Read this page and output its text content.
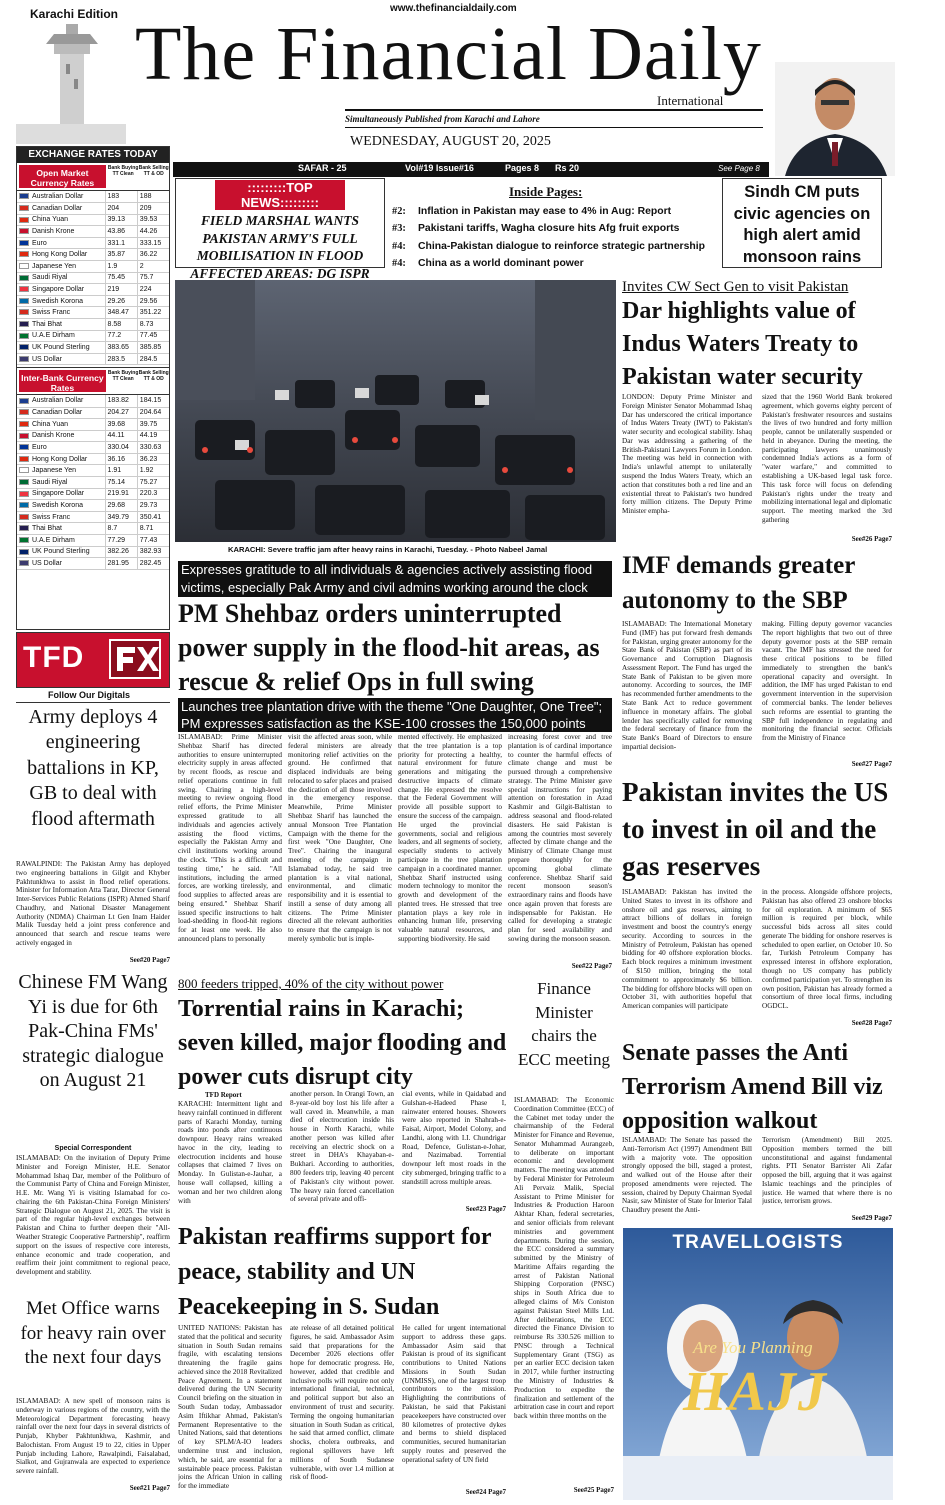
Karachi Edition	www.thefinancialdaily.com
The Financial Daily
International
Simultaneously Published from Karachi and Lahore
WEDNESDAY, AUGUST 20, 2025
SAFAR - 25	Vol#19 Issue#16	Pages 8 Rs 20	See Page 8
EXCHANGE RATES TODAY
Open Market Currency Rates
Bank Buying TT Clean
Bank Selling TT & OD
Australian Dollar	183	188
Canadian Dollar	204	209
China Yuan	39.13	39.53
Danish Krone	43.86	44.26
Euro	331.1	333.15
Hong Kong Dollar	35.87	36.22
Japanese Yen	1.9	2
Saudi Riyal	75.45	75.7
Singapore Dollar	219	224
Swedish Korona	29.26	29.56
Swiss Franc	348.47	351.22
Thai Bhat	8.58	8.73
U.A.E Dirham	77.2	77.45
UK Pound Sterling	383.65	385.85
US Dollar	283.5	284.5
Inter-Bank Currency Rates
Bank Buying TT Clean
Bank Selling TT & OD
Australian Dollar	183.82	184.15
Canadian Dollar	204.27	204.64
China Yuan	39.68	39.75
Danish Krone	44.11	44.19
Euro	330.04	330.63
Hong Kong Dollar	36.16	36.23
Japanese Yen	1.91	1.92
Saudi Riyal	75.14	75.27
Singapore Dollar	219.91	220.3
Swedish Korona	29.68	29.73
Swiss Franc	349.79	350.41
Thai Bhat	8.7	8.71
U.A.E Dirham	77.29	77.43
UK Pound Sterling	382.26	382.93
US Dollar	281.95	282.45
TFD
Follow Our Digitals
Army deploys 4 engineering battalions in KP, GB to deal with flood aftermath
RAWALPINDI: The Pakistan Army has deployed two engineering battalions in Gilgit and Khyber Pakhtunkhwa to assist in flood relief operations. Minister for Information Atta Tarar, Director General Inter-Services Public Relations (ISPR) Ahmed Sharif Chaudhry, and National Disaster Management Authority (NDMA) Chairman Lt Gen Inam Haider Malik Tuesday held a joint press conference and announced that search and rescue teams were actively engaged in
See#20 Page7
Chinese FM Wang Yi is due for 6th Pak-China FMs' strategic dialogue on August 21
Special Correspondent
ISLAMABAD: On the invitation of Deputy Prime Minister and Foreign Minister, H.E. Senator Mohammad Ishaq Dar, member of the Politburo of the Communist Party of China and Foreign Minister, H.E. Mr. Wang Yi is visiting Islamabad for co-chairing the 6th Pakistan-China Foreign Ministers' Strategic Dialogue on August 21, 2025. The visit is part of the regular high-level exchanges between Pakistan and China to further deepen their "All-Weather Strategic Cooperative Partnership", reaffirm support on the issues of respective core interests, enhance economic and trade cooperation, and reaffirm their joint commitment to regional peace, development and stability.
Met Office warns for heavy rain over the next four days
ISLAMABAD: A new spell of monsoon rains is underway in various regions of the country, with the Meteorological Department forecasting heavy rainfall over the next four days in several districts of Punjab, Khyber Pakhtunkhwa, Kashmir, and Balochistan. From August 19 to 22, cities in Upper Punjab including Lahore, Rawalpindi, Faisalabad, Sialkot, and Gujranwala are expected to experience severe rainfall.
See#21 Page7
:::::::::TOP NEWS:::::::::
FIELD MARSHAL WANTS PAKISTAN ARMY'S FULL MOBILISATION IN FLOOD AFFECTED AREAS: DG ISPR
Inside Pages:
#2: Inflation in Pakistan may ease to 4% in Aug: Report
#3: Pakistani tariffs, Wagha closure hits Afg fruit exports
#4: China-Pakistan dialogue to reinforce strategic partnership
#4: China as a world dominant power
Sindh CM puts civic agencies on high alert amid monsoon rains
KARACHI: Severe traffic jam after heavy rains in Karachi, Tuesday. - Photo Nabeel Jamal
Expresses gratitude to all individuals & agencies actively assisting flood victims, especially Pak Army and civil admins working around the clock
PM Shehbaz orders uninterrupted power supply in the flood-hit areas, as rescue & relief Ops in full swing
Launches tree plantation drive with the theme "One Daughter, One Tree"; PM expresses satisfaction as the KSE-100 crosses the 150,000 points
ISLAMABAD: Prime Minister Shehbaz Sharif has directed authorities to ensure uninterrupted electricity supply in areas affected by recent floods, as rescue and relief operations continue in full swing. Chairing a high-level meeting to review ongoing flood relief efforts, the Prime Minister expressed gratitude to all individuals and agencies actively assisting the flood victims, especially the Pakistan Army and civil institutions working around the clock. "This is a difficult and testing time," he said. "All institutions, including the armed forces, are working tirelessly, and food supplies to affected areas are being ensured." Shehbaz Sharif issued specific instructions to halt load-shedding in flood-hit regions for at least one week. He also announced plans to personally
visit the affected areas soon, while federal ministers are already monitoring relief activities on the ground. He confirmed that displaced individuals are being relocated to safer places and praised the dedication of all those involved in the emergency response. Meanwhile, Prime Minister Shehbaz Sharif has launched the annual Monsoon Tree Plantation Campaign with the theme for the first week "One Daughter, One Tree". Chairing the inaugural meeting of the campaign in Islamabad today, he said tree plantation is a vital national, environmental, and climatic responsibility and it is essential to instill a sense of duty among all citizens. The Prime Minister directed all the relevant authorities to ensure that the campaign is not merely symbolic but is imple-
mented effectively. He emphasized that the tree plantation is a top priority for protecting a healthy, natural environment for future generations and mitigating the destructive impacts of climate change. He expressed the resolve that the Federal Government will provide all possible support to ensure the success of the campaign. He urged the provincial governments, social and religious leaders, and all segments of society, especially students to actively participate in the tree plantation campaign in a coordinated manner. Shehbaz Sharif instructed using modern technology to monitor the growth and development of the planted trees. He stressed that tree plantation plays a key role in enhancing human life, preserving valuable natural resources, and supporting biodiversity. He said
increasing forest cover and tree plantation is of cardinal importance to counter the harmful effects of climate change and must be pursued through a comprehensive strategy. The Prime Minister gave special instructions for paying attention on forestation in Azad Kashmir and Gilgit-Baltistan to address seasonal and flood-related disasters. He said Pakistan is among the countries most severely affected by climate change and the Ministry of Climate Change must prepare thoroughly for the upcoming global climate conference. Shehbaz Sharif said recent monsoon season's extraordinary rains and floods have once again proven that forests are indispensable for Pakistan. He called for developing a strategic plan for seed availability and sowing during the monsoon season.
See#22 Page7
800 feeders tripped, 40% of the city without power
Torrential rains in Karachi; seven killed, major flooding and power cuts disrupt city
TFD Report
KARACHI: Intermittent light and heavy rainfall continued in different parts of Karachi Monday, turning roads into ponds after continuous downpour. Heavy rains wreaked havoc in the city, leading to electrocution incidents and house collapses that claimed 7 lives on Monday. In Gulistan-e-Jauhar, a house wall collapsed, killing a woman and her two children along with
another person. In Orangi Town, an 8-year-old boy lost his life after a wall caved in. Meanwhile, a man died of electrocution inside his house in North Karachi, while another person was killed after receiving an electric shock on a street in DHA's Khayaban-e-Bukhari. According to authorities, 800 feeders trip, leaving 40 percent of Pakistan's city without power. The heavy rain forced cancellation of several private and offi-
cial events, while in Qaidabad and Gulshan-e-Hadeed Phase I, rainwater entered houses. Showers were also reported in Shahrah-e-Faisal, Airport, Model Colony, and Landhi, along with I.I. Chundrigar Road, Defence, Gulistan-e-Johar, and Nazimabad. Torrential downpour left most roads in the city submerged, bringing traffic to a standstill across multiple areas.
See#23 Page7
Finance Minister chairs the ECC meeting
ISLAMABAD: The Economic Coordination Committee (ECC) of the Cabinet met today under the chairmanship of the Federal Minister for Finance and Revenue, Senator Muhammad Aurangzeb, to deliberate on important economic and development matters. The meeting was attended by Federal Minister for Petroleum Ali Pervaiz Malik, Special Assistant to Prime Minister for Industries & Production Haroon Akhtar Khan, federal secretaries, and senior officials from relevant ministries and government departments. During the session, the ECC considered a summary submitted by the Ministry of Maritime Affairs regarding the arrest of Pakistan National Shipping Corporation (PNSC) ships in South Africa due to alleged claims of M/s Coniston against Pakistan Steel Mills Ltd. After deliberations, the ECC directed the Finance Division to reimburse Rs 330.526 million to PNSC through a Technical Supplementary Grant (TSG) as per an earlier ECC decision taken in 2017, while further instructing the Ministry of Industries & Production to expedite the finalization and settlement of the arbitration case in court and report back within three months on the
See#25 Page7
Pakistan reaffirms support for peace, stability and UN Peacekeeping in S. Sudan
UNITED NATIONS: Pakistan has stated that the political and security situation in South Sudan remains fragile, with escalating tensions threatening the fragile gains achieved since the 2018 Revitalized Peace Agreement. In a statement delivered during the UN Security Council briefing on the situation in South Sudan today, Ambassador Asim Iftikhar Ahmad, Pakistan's Permanent Representative to the United Nations, said that detentions of key SPLM/A-IO leaders undermine trust and inclusion, which, he said, are essential for a sustainable peace process. Pakistan joins the African Union in calling for the immediate
ate release of all detained political figures, he said. Ambassador Asim said that preparations for the December 2026 elections offer hope for democratic progress. He, however, added that credible and inclusive polls will require not only international financial, technical, and political support but also an environment of trust and security. Terming the ongoing humanitarian situation in South Sudan as critical, he said that armed conflict, climate shocks, cholera outbreaks, and regional spillovers have left millions of South Sudanese vulnerable, with over 1.4 million at risk of flood-
He called for urgent international support to address these gaps. Ambassador Asim said that Pakistan is proud of its significant contributions to United Nations Missions in South Sudan (UNMISS), one of the largest troop contributors to the mission. Highlighting the contributions of Pakistan, he said that Pakistani peacekeepers have constructed over 80 kilometres of protective dykes and berms to shield displaced communities, secured humanitarian supply routes and preserved the operational safety of UN field
See#24 Page7
Invites CW Sect Gen to visit Pakistan
Dar highlights value of Indus Waters Treaty to Pakistan water security
LONDON: Deputy Prime Minister and Foreign Minister Senator Mohammad Ishaq Dar has underscored the critical importance of Indus Waters Treaty (IWT) to Pakistan's water security and ecological stability. Ishaq Dar was addressing a gathering of the British-Pakistani Lawyers Forum in London. The meeting was held in connection with India's unlawful attempt to unilaterally suspend the Indus Waters Treaty, which an action that constitutes both a red line and an existential threat to Pakistan's two hundred forty million citizens. The Deputy Prime Minister empha-
sized that the 1960 World Bank brokered agreement, which governs eighty percent of Pakistan's freshwater resources and sustains the lives of two hundred and forty million people, cannot be unilaterally suspended or held in abeyance. During the meeting, the participating lawyers unanimously condemned India's actions as a form of "water warfare," and committed to establishing a UK-based legal task force. This task force will focus on defending Pakistan's rights under the treaty and mobilizing international legal and diplomatic support. The meeting marked the 3rd gathering
See#26 Page7
IMF demands greater autonomy to the SBP
ISLAMABAD: The International Monetary Fund (IMF) has put forward fresh demands for Pakistan, urging greater autonomy for the State Bank of Pakistan (SBP) as part of its Governance and Corruption Diagnosis Assessment Report. The Fund has urged the State Bank of Pakistan to be given more autonomy. According to sources, the IMF has recommended further amendments to the State Bank Act to reduce government influence in monetary affairs. The global lender has specifically called for removing the federal secretary of finance from the State Bank's Board of Directors to ensure impartial decision-
making. Filling deputy governor vacancies The report highlights that two out of three deputy governor posts at the SBP remain vacant. The IMF has stressed the need for these critical positions to be filled immediately to strengthen the bank's operational capacity and oversight. In addition, the IMF has urged Pakistan to end government intervention in the supervision of commercial banks. The lender believes such reforms are essential to granting the SBP full independence in regulating and monitoring the financial sector. Officials from the Ministry of Finance
See#27 Page7
Pakistan invites the US to invest in oil and the gas reserves
ISLAMABAD: Pakistan has invited the United States to invest in its offshore and onshore oil and gas reserves, aiming to attract billions of dollars in foreign investment and boost the country's energy security. According to sources in the Ministry of Petroleum, Pakistan has opened bidding for 40 offshore exploration blocks. Each block requires a minimum investment of $150 million, bringing the total commitment to approximately $6 billion. The bidding for offshore blocks will open on October 31, with authorities hopeful that American companies will participate
in the process. Alongside offshore projects, Pakistan has also offered 23 onshore blocks for oil exploration. A minimum of $65 million is required per block, while successful bids across all sites could generate The bidding for onshore reserves is scheduled to open earlier, on October 10. So far, Turkish Petroleum Company has expressed interest in offshore exploration, though no US company has publicly confirmed participation yet. To strengthen its own position, Pakistan has already formed a consortium of three local firms, including OGDCL.
See#28 Page7
Senate passes the Anti Terrorism Amend Bill viz opposition walkout
ISLAMABAD: The Senate has passed the Anti-Terrorism Act (1997) Amendment Bill with a majority vote. The opposition strongly opposed the bill, staged a protest, and walked out of the House after their proposed amendments were rejected. The session, chaired by Deputy Chairman Syedal Nasir, saw Minister of State for Interior Talal Chaudhry present the Anti-
Terrorism (Amendment) Bill 2025. Opposition members termed the bill unconstitutional and against fundamental rights. PTI Senator Barrister Ali Zafar opposed the bill, arguing that it was against Islamic teachings and the principles of justice. He warned that where there is no justice, terrorism grows.
See#29 Page7
TRAVELLOGISTS
Are You Planning
HAJJ
